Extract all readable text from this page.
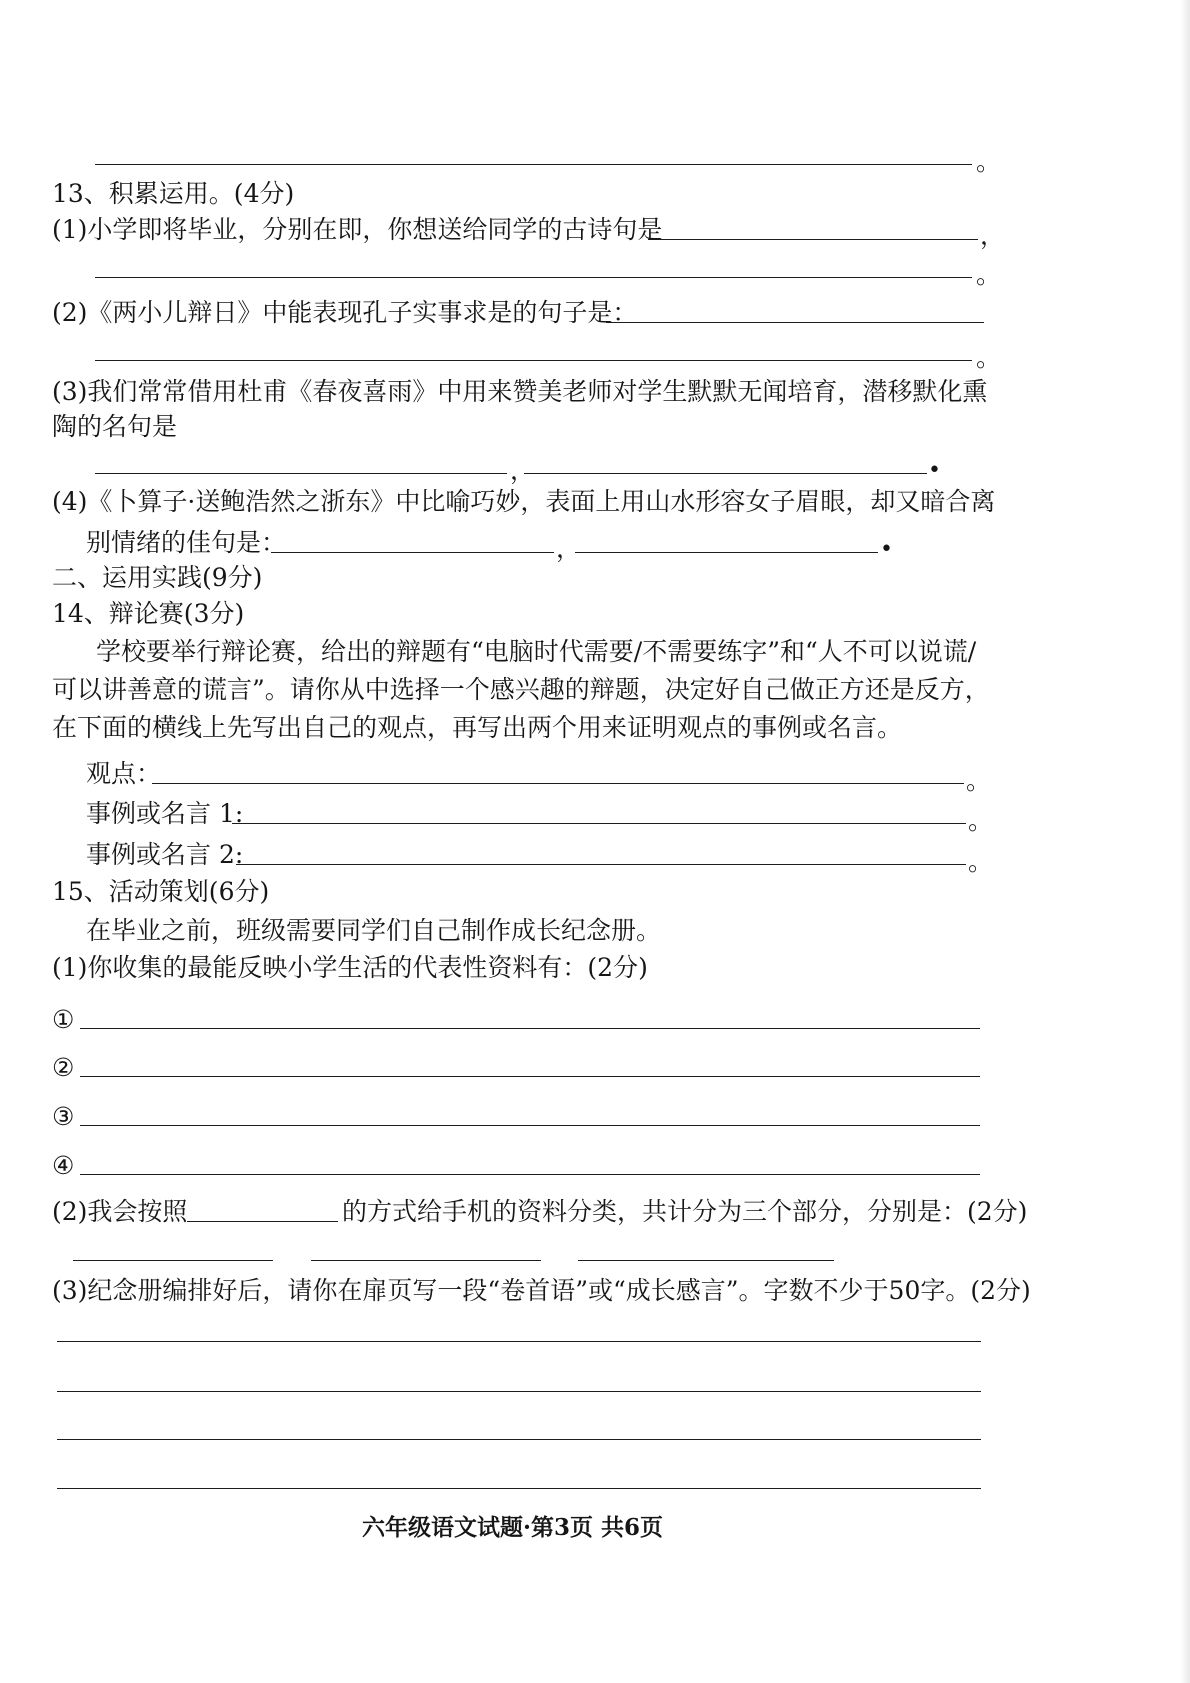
。
13、积累运用。(4分)
(1)小学即将毕业，分别在即，你想送给同学的古诗句是	，
。
(2)《两小儿辩日》中能表现孔子实事求是的句子是：
。
(3)我们常常借用杜甫《春夜喜雨》中用来赞美老师对学生默默无闻培育，潜移默化熏
陶的名句是
，	•
(4)《卜算子·送鲍浩然之浙东》中比喻巧妙，表面上用山水形容女子眉眼，却又暗合离
别情绪的佳句是：	，	•
二、运用实践(9分)
14、辩论赛(3分)
学校要举行辩论赛，给出的辩题有“电脑时代需要/不需要练字”和“人不可以说谎/
可以讲善意的谎言”。请你从中选择一个感兴趣的辩题，决定好自己做正方还是反方，
在下面的横线上先写出自己的观点，再写出两个用来证明观点的事例或名言。
观点：	。
事例或名言 1:	。
事例或名言 2:	。
15、活动策划(6分)
在毕业之前，班级需要同学们自己制作成长纪念册。
(1)你收集的最能反映小学生活的代表性资料有：(2分)
①
②
③
④
(2)我会按照	的方式给手机的资料分类，共计分为三个部分，分别是：(2分)
(3)纪念册编排好后，请你在扉页写一段“卷首语”或“成长感言”。字数不少于50字。(2分)
六年级语文试题·第3页 共6页
